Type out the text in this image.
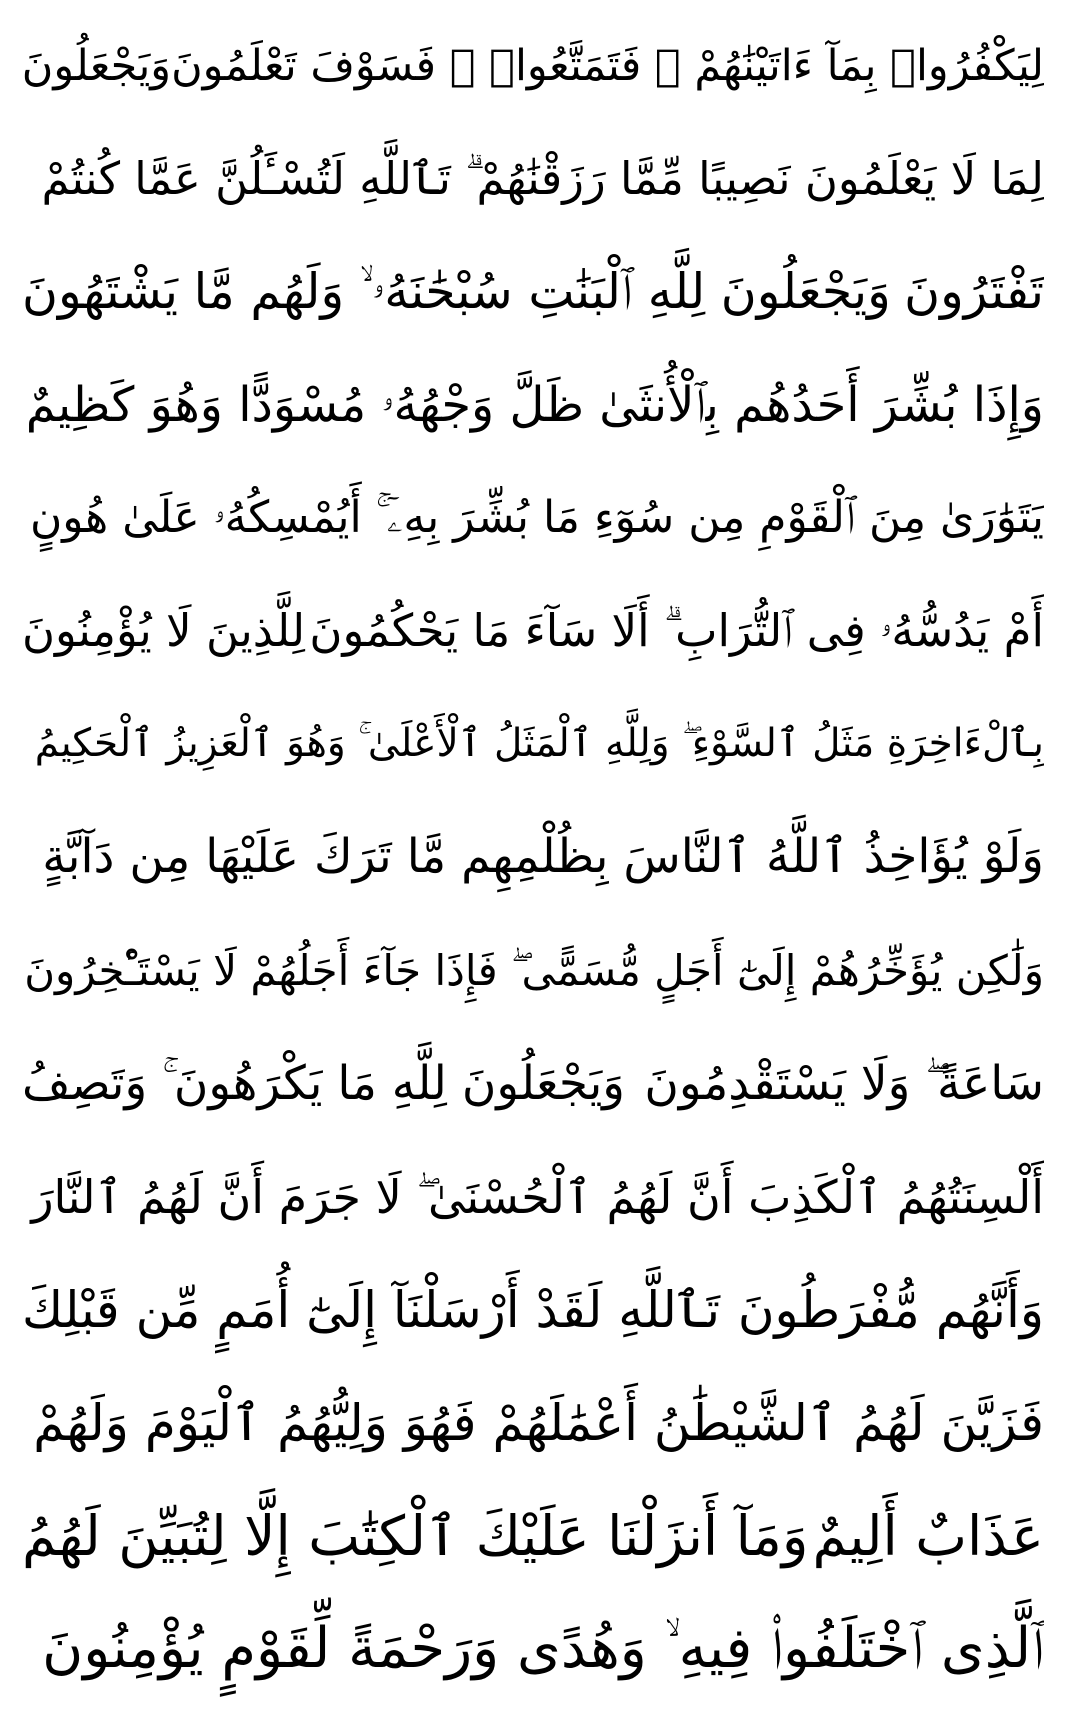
لِيَكْفُرُوا۟ بِمَآ ءَاتَيْنَٰهُمْ ۚ فَتَمَتَّعُوا۟ ۖ فَسَوْفَ تَعْلَمُونَ
وَيَجْعَلُونَ
لِمَا لَا يَعْلَمُونَ نَصِيبًا مِّمَّا رَزَقْنَٰهُمْ ۗ تَٱللَّهِ لَتُسْـَٔلُنَّ عَمَّا كُنتُمْ
تَفْتَرُونَ
وَيَجْعَلُونَ لِلَّهِ ٱلْبَنَٰتِ سُبْحَٰنَهُۥ ۙ وَلَهُم مَّا يَشْتَهُونَ
وَإِذَا بُشِّرَ أَحَدُهُم بِٱلْأُنثَىٰ ظَلَّ وَجْهُهُۥ مُسْوَدًّا وَهُوَ كَظِيمٌ
يَتَوَٰرَىٰ مِنَ ٱلْقَوْمِ مِن سُوٓءِ مَا بُشِّرَ بِهِۦٓ ۚ أَيُمْسِكُهُۥ عَلَىٰ هُونٍ
أَمْ يَدُسُّهُۥ فِى ٱلتُّرَابِ ۗ أَلَا سَآءَ مَا يَحْكُمُونَ
لِلَّذِينَ لَا يُؤْمِنُونَ
بِٱلْءَاخِرَةِ مَثَلُ ٱلسَّوْءِ ۖ وَلِلَّهِ ٱلْمَثَلُ ٱلْأَعْلَىٰ ۚ وَهُوَ ٱلْعَزِيزُ ٱلْحَكِيمُ
وَلَوْ يُؤَاخِذُ ٱللَّهُ ٱلنَّاسَ بِظُلْمِهِم مَّا تَرَكَ عَلَيْهَا مِن دَآبَّةٍ
وَلَٰكِن يُؤَخِّرُهُمْ إِلَىٰٓ أَجَلٍ مُّسَمًّى ۖ فَإِذَا جَآءَ أَجَلُهُمْ لَا يَسْتَـْٔخِرُونَ
سَاعَةً ۖ وَلَا يَسْتَقْدِمُونَ
وَيَجْعَلُونَ لِلَّهِ مَا يَكْرَهُونَ ۚ وَتَصِفُ
أَلْسِنَتُهُمُ ٱلْكَذِبَ أَنَّ لَهُمُ ٱلْحُسْنَىٰ ۖ لَا جَرَمَ أَنَّ لَهُمُ ٱلنَّارَ
وَأَنَّهُم مُّفْرَطُونَ
تَٱللَّهِ لَقَدْ أَرْسَلْنَآ إِلَىٰٓ أُمَمٍ مِّن قَبْلِكَ
فَزَيَّنَ لَهُمُ ٱلشَّيْطَٰنُ أَعْمَٰلَهُمْ فَهُوَ وَلِيُّهُمُ ٱلْيَوْمَ وَلَهُمْ
عَذَابٌ أَلِيمٌ
وَمَآ أَنزَلْنَا عَلَيْكَ ٱلْكِتَٰبَ إِلَّا لِتُبَيِّنَ لَهُمُ
ٱلَّذِى ٱخْتَلَفُوا۟ فِيهِ ۙ وَهُدًى وَرَحْمَةً لِّقَوْمٍ يُؤْمِنُونَ
